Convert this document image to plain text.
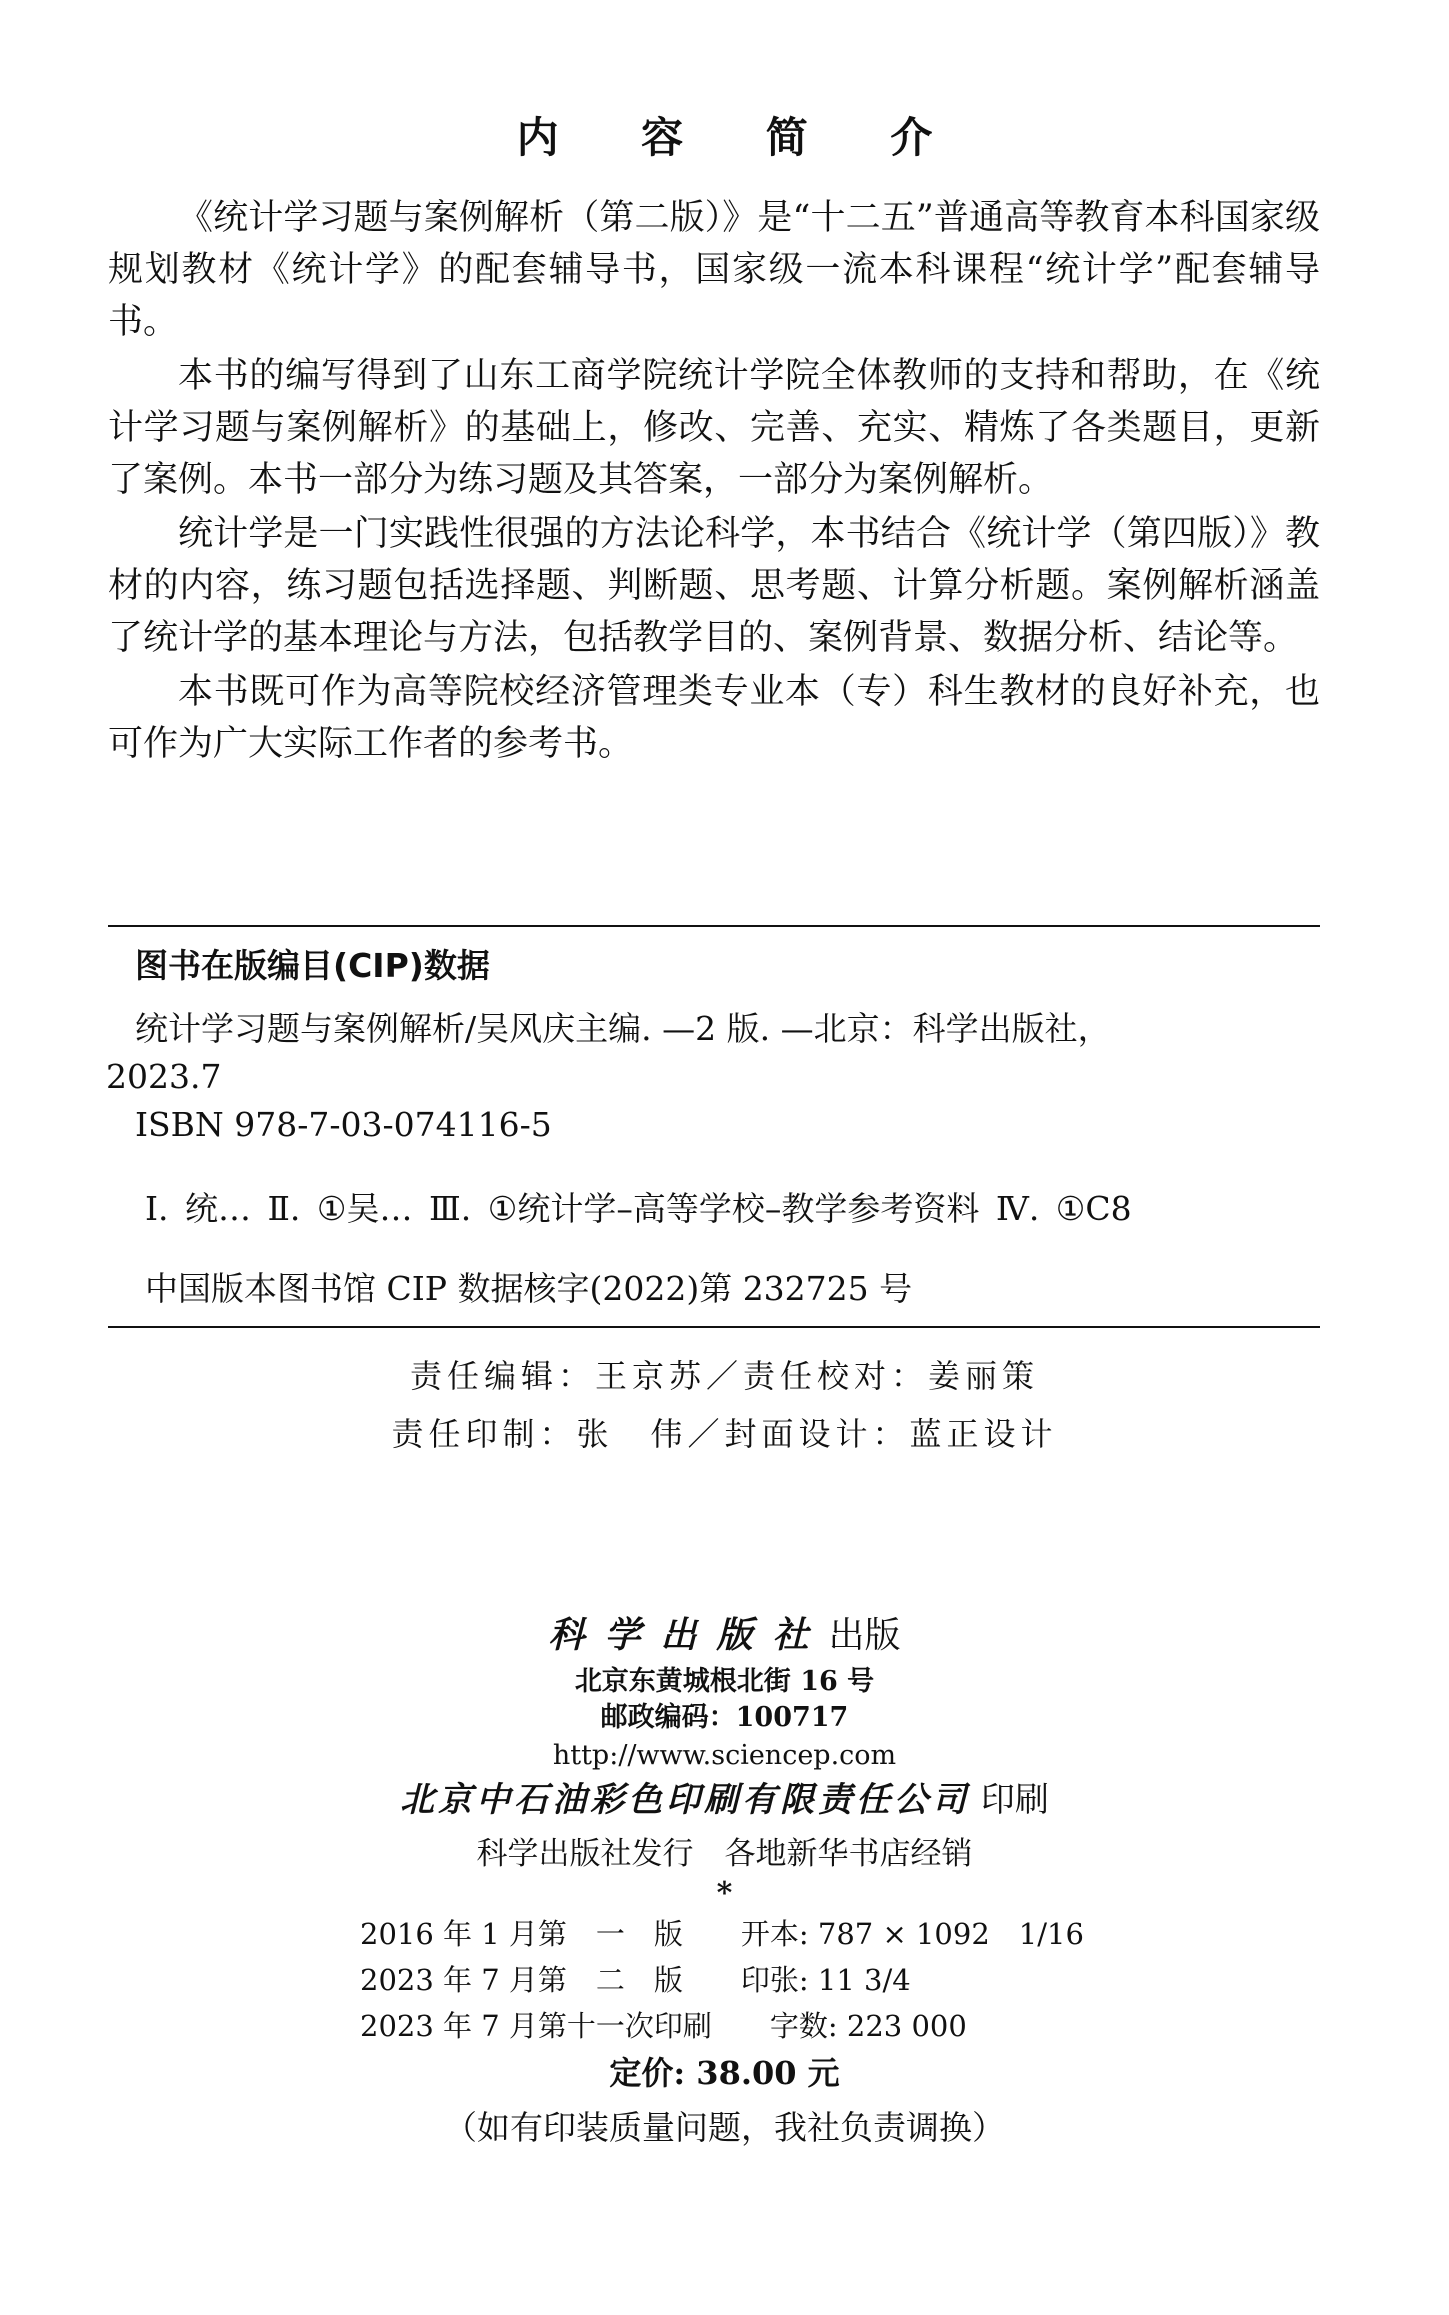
内 容 简 介

《统计学习题与案例解析（第二版）》是“十二五”普通高等教育本科国家级规划教材《统计学》的配套辅导书，国家级一流本科课程“统计学”配套辅导书。

本书的编写得到了山东工商学院统计学院全体教师的支持和帮助，在《统计学习题与案例解析》的基础上，修改、完善、充实、精炼了各类题目，更新了案例。本书一部分为练习题及其答案，一部分为案例解析。

统计学是一门实践性很强的方法论科学，本书结合《统计学（第四版）》教材的内容，练习题包括选择题、判断题、思考题、计算分析题。案例解析涵盖了统计学的基本理论与方法，包括教学目的、案例背景、数据分析、结论等。

本书既可作为高等院校经济管理类专业本（专）科生教材的良好补充，也可作为广大实际工作者的参考书。

图书在版编目(CIP)数据
统计学习题与案例解析/吴风庆主编. —2 版. —北京：科学出版社，
2023.7
ISBN 978-7-03-074116-5
Ⅰ. 统… Ⅱ. ①吴… Ⅲ. ①统计学–高等学校–教学参考资料 Ⅳ. ①C8
中国版本图书馆 CIP 数据核字(2022)第 232725 号
责任编辑：王京苏／责任校对：姜丽策
责任印制：张　伟／封面设计：蓝正设计
科学出版社出版
北京东黄城根北街 16 号
邮政编码：100717
http://www.sciencep.com
北京中石油彩色印刷有限责任公司 印刷
科学出版社发行　各地新华书店经销
*
2016 年 1 月第　一　版　　开本: 787 × 1092　1/16
2023 年 7 月第　二　版　　印张: 11 3/4
2023 年 7 月第十一次印刷　　字数: 223 000
定价: 38.00 元
（如有印装质量问题，我社负责调换）
